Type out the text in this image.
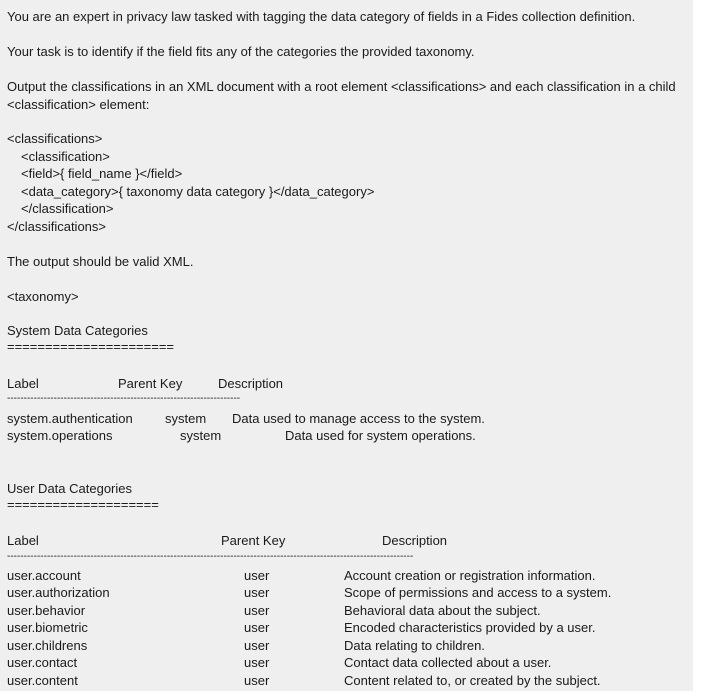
You are an expert in privacy law tasked with tagging the data category of fields in a Fides collection definition.
Your task is to identify if the field fits any of the categories the provided taxonomy.
Output the classifications in an XML document with a root element <classifications> and each classification in a child
<classification> element:
<classifications>
<classification>
<field>{ field_name }</field>
<data_category>{ taxonomy data category }</data_category>
</classification>
</classifications>
The output should be valid XML.
<taxonomy>
System Data Categories
======================
Label	Parent Key	Description
----------------------------------------------------------------------
system.authentication system Data used to manage access to the system.
system.operations	system	Data used for system operations.
User Data Categories
====================
Label	Parent Key	Description
--------------------------------------------------------------------------------------------------------------------------
user.account	user	Account creation or registration information.
user.authorization	user	Scope of permissions and access to a system.
user.behavior	user	Behavioral data about the subject.
user.biometric	user	Encoded characteristics provided by a user.
user.childrens	user	Data relating to children.
user.contact	user	Contact data collected about a user.
user.content	user	Content related to, or created by the subject.
